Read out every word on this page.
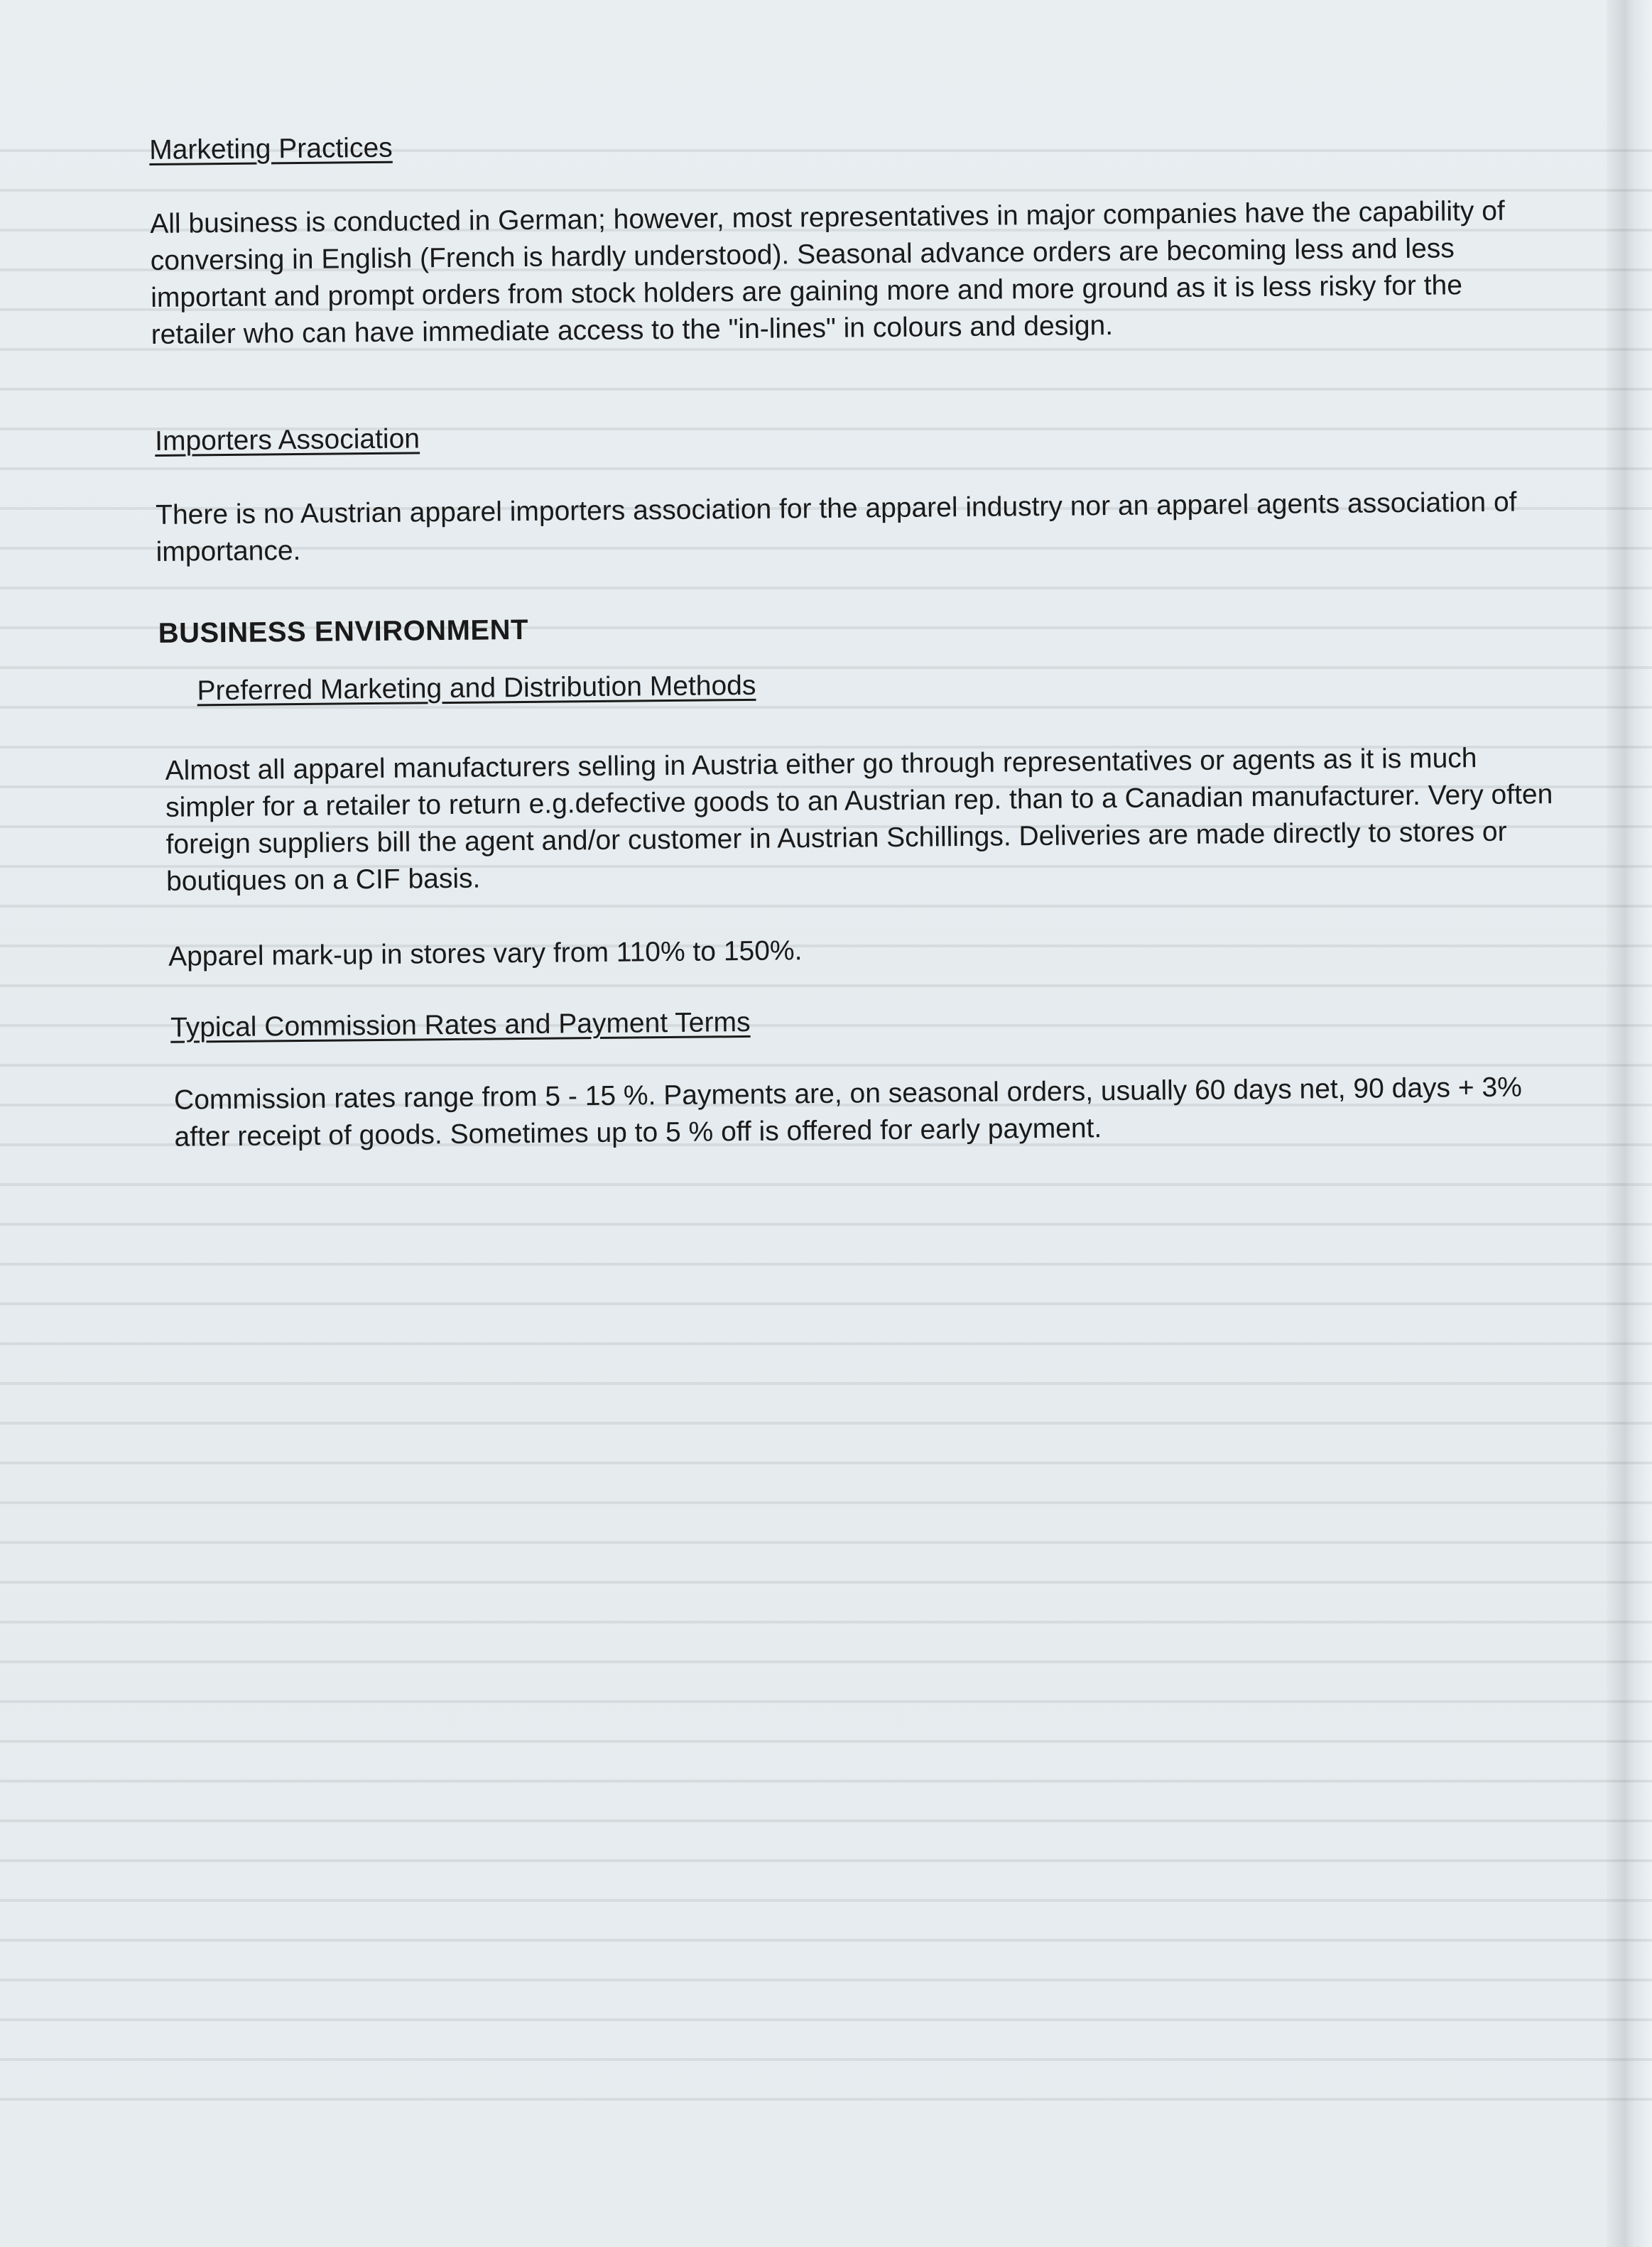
Marketing Practices

All business is conducted in German; however, most representatives in major companies have the capability of conversing in English (French is hardly understood). Seasonal advance orders are becoming less and less important and prompt orders from stock holders are gaining more and more ground as it is less risky for the retailer who can have immediate access to the "in-lines" in colours and design.

Importers Association

There is no Austrian apparel importers association for the apparel industry nor an apparel agents association of importance.

BUSINESS ENVIRONMENT
Preferred Marketing and Distribution Methods

Almost all apparel manufacturers selling in Austria either go through representatives or agents as it is much simpler for a retailer to return e.g.defective goods to an Austrian rep. than to a Canadian manufacturer. Very often foreign suppliers bill the agent and/or customer in Austrian Schillings. Deliveries are made directly to stores or boutiques on a CIF basis.

Apparel mark-up in stores vary from 110% to 150%.

Typical Commission Rates and Payment Terms

Commission rates range from 5 - 15 %. Payments are, on seasonal orders, usually 60 days net, 90 days + 3% after receipt of goods. Sometimes up to 5 % off is offered for early payment.
